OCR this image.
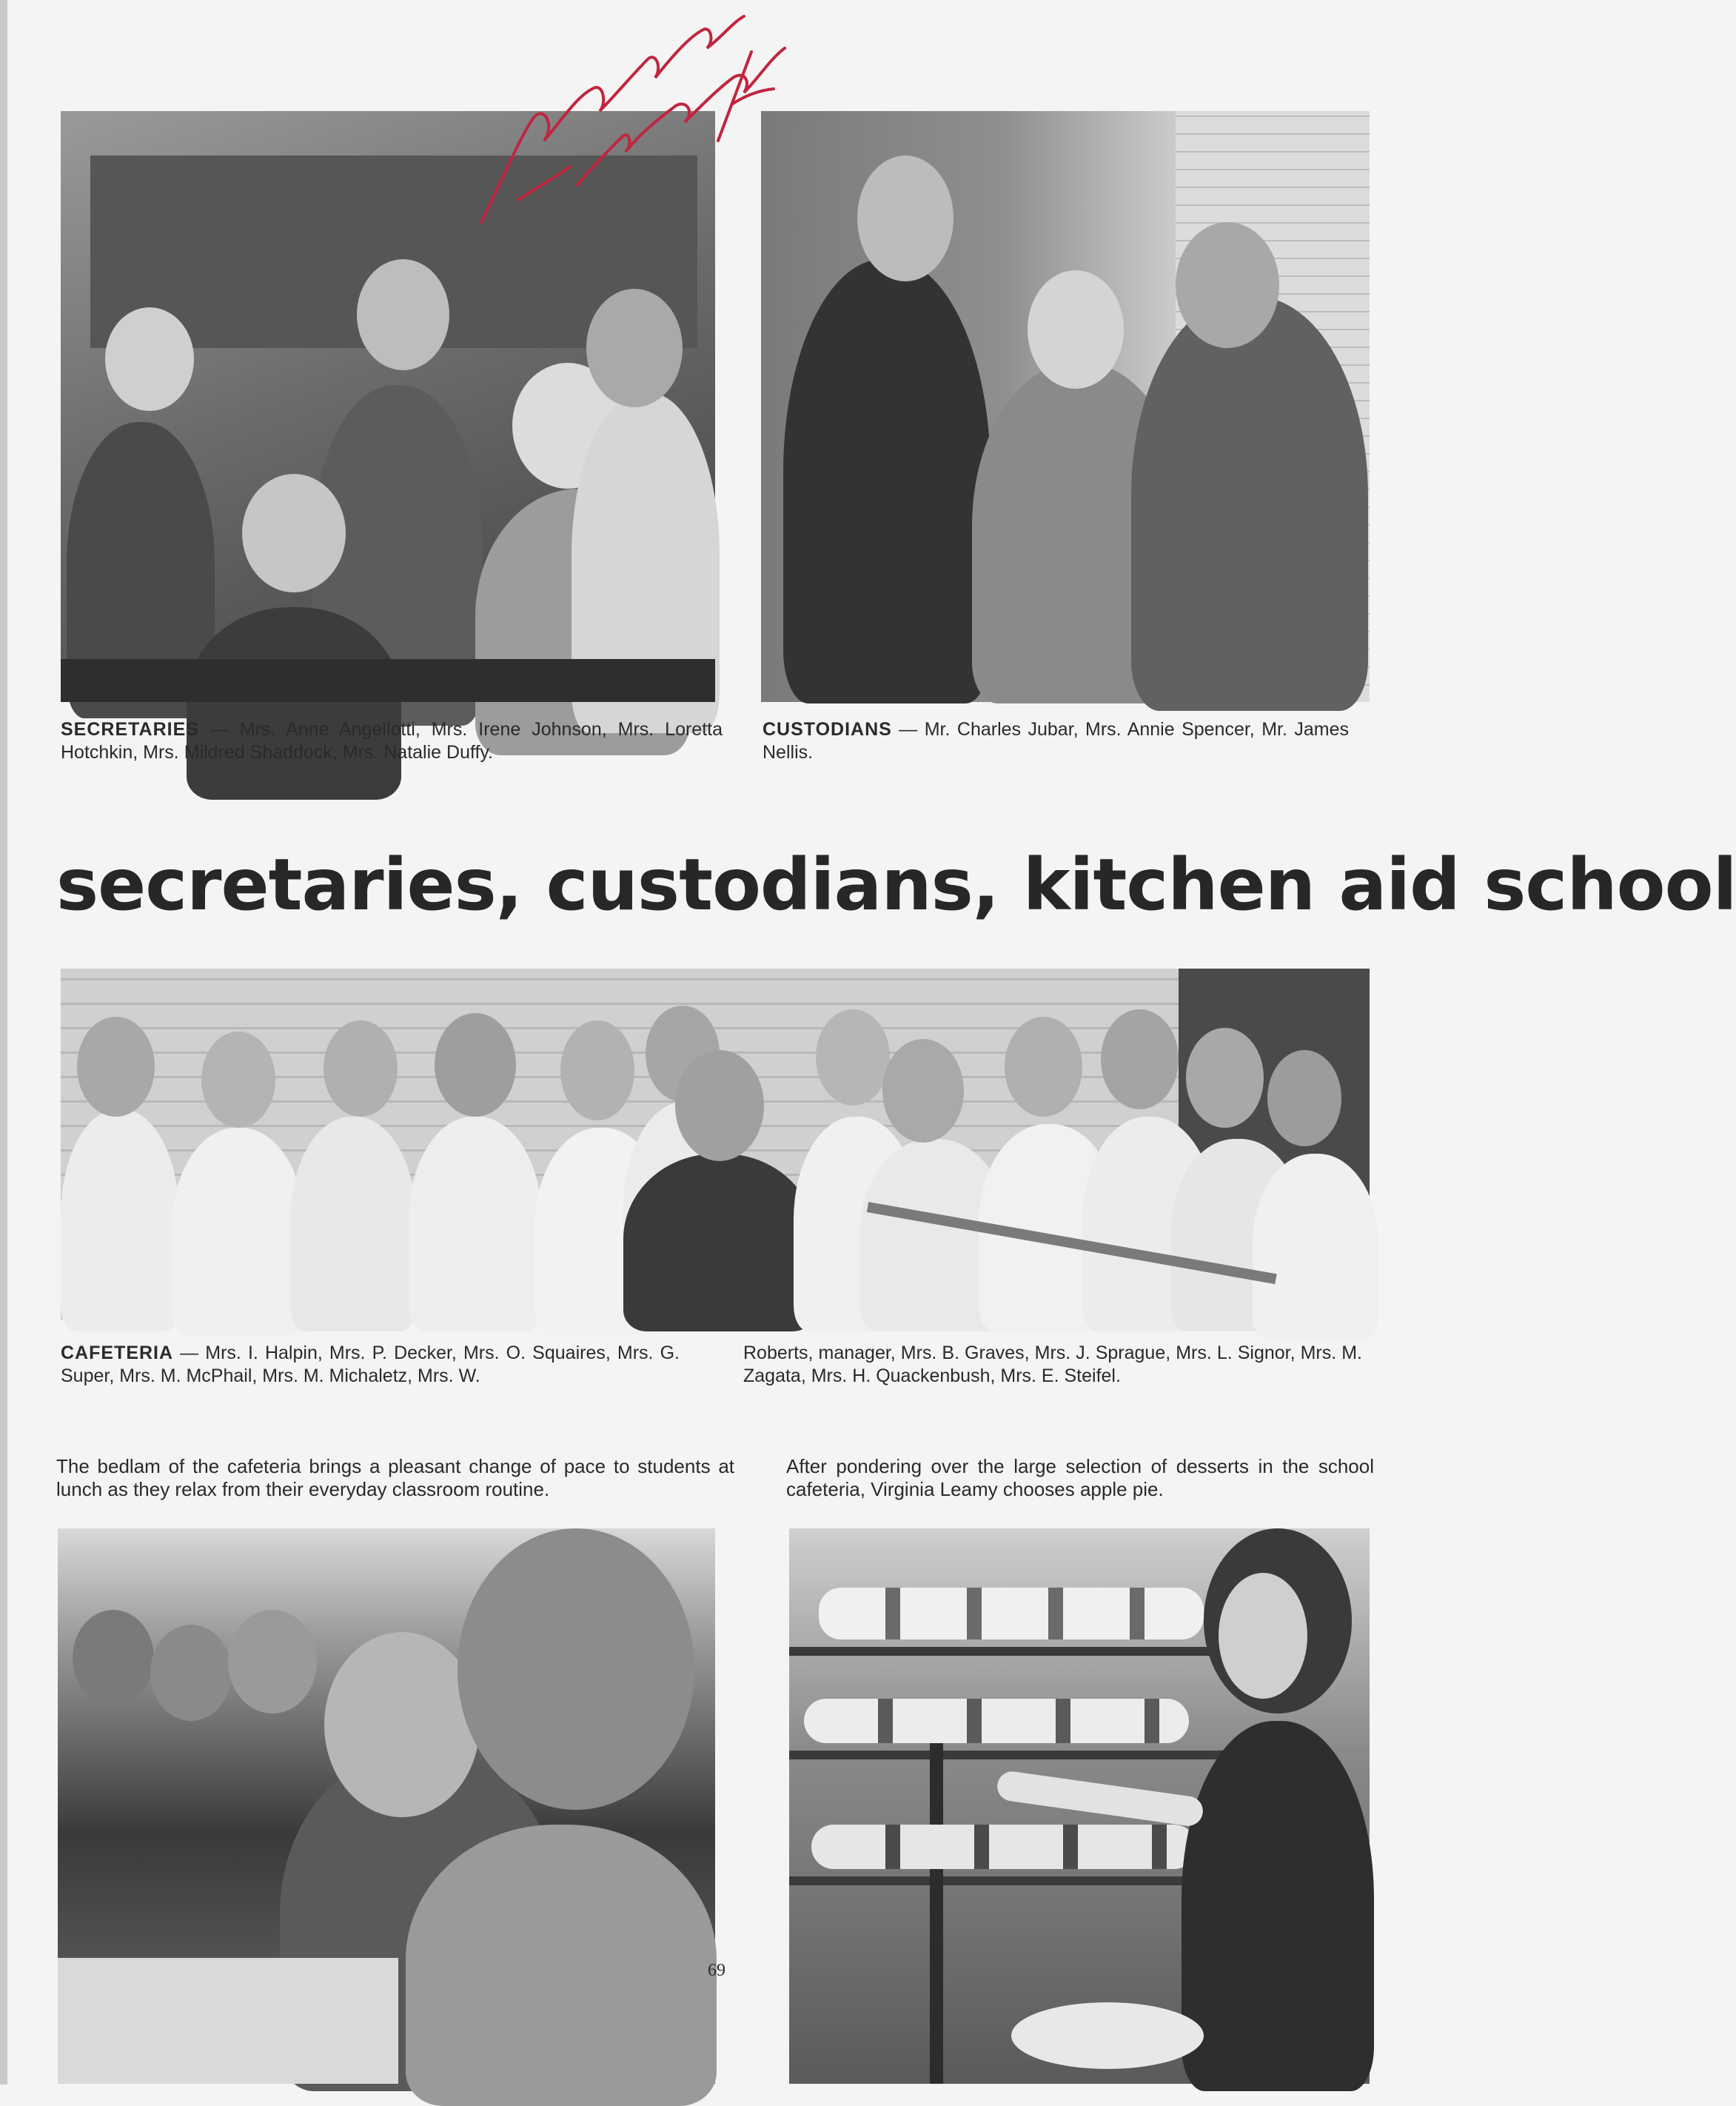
SECRETARIES — Mrs. Anne Angellotti, Mrs. Irene Johnson, Mrs. Loretta Hotchkin, Mrs. Mildred Shaddock, Mrs. Natalie Duffy.
CUSTODIANS — Mr. Charles Jubar, Mrs. Annie Spencer, Mr. James Nellis.
secretaries, custodians, kitchen aid school
CAFETERIA — Mrs. I. Halpin, Mrs. P. Decker, Mrs. O. Squaires, Mrs. G. Super, Mrs. M. McPhail, Mrs. M. Michaletz, Mrs. W.
Roberts, manager, Mrs. B. Graves, Mrs. J. Sprague, Mrs. L. Signor, Mrs. M. Zagata, Mrs. H. Quackenbush, Mrs. E. Steifel.
The bedlam of the cafeteria brings a pleasant change of pace to students at lunch as they relax from their everyday classroom routine.
After pondering over the large selection of desserts in the school cafeteria, Virginia Leamy chooses apple pie.
69
